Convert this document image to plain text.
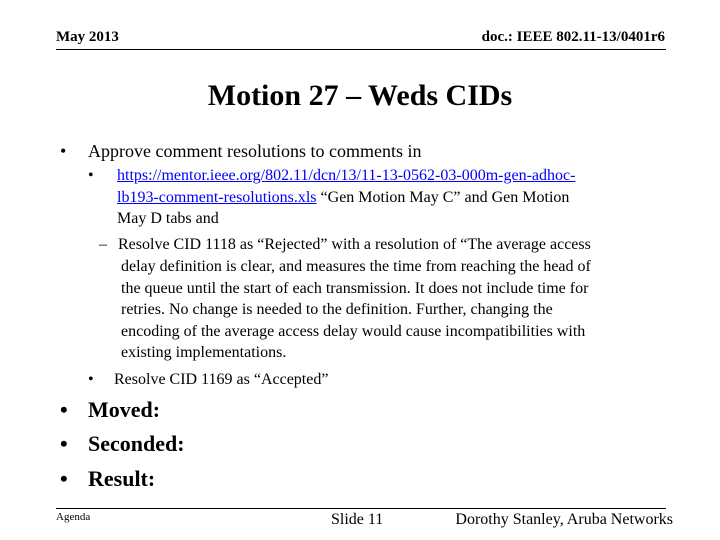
May 2013	doc.: IEEE 802.11-13/0401r6
Motion 27 – Weds CIDs
• Approve comment resolutions to comments in
• https://mentor.ieee.org/802.11/dcn/13/11-13-0562-03-000m-gen-adhoc-
lb193-comment-resolutions.xls “Gen Motion May C” and Gen Motion
May D tabs and
– Resolve CID 1118 as “Rejected” with a resolution of “The average access
delay definition is clear, and measures the time from reaching the head of
the queue until the start of each transmission. It does not include time for
retries. No change is needed to the definition. Further, changing the
encoding of the average access delay would cause incompatibilities with
existing implementations.
• Resolve CID 1169 as “Accepted”
• Moved:
• Seconded:
• Result:
Agenda	Slide 11	Dorothy Stanley, Aruba Networks
